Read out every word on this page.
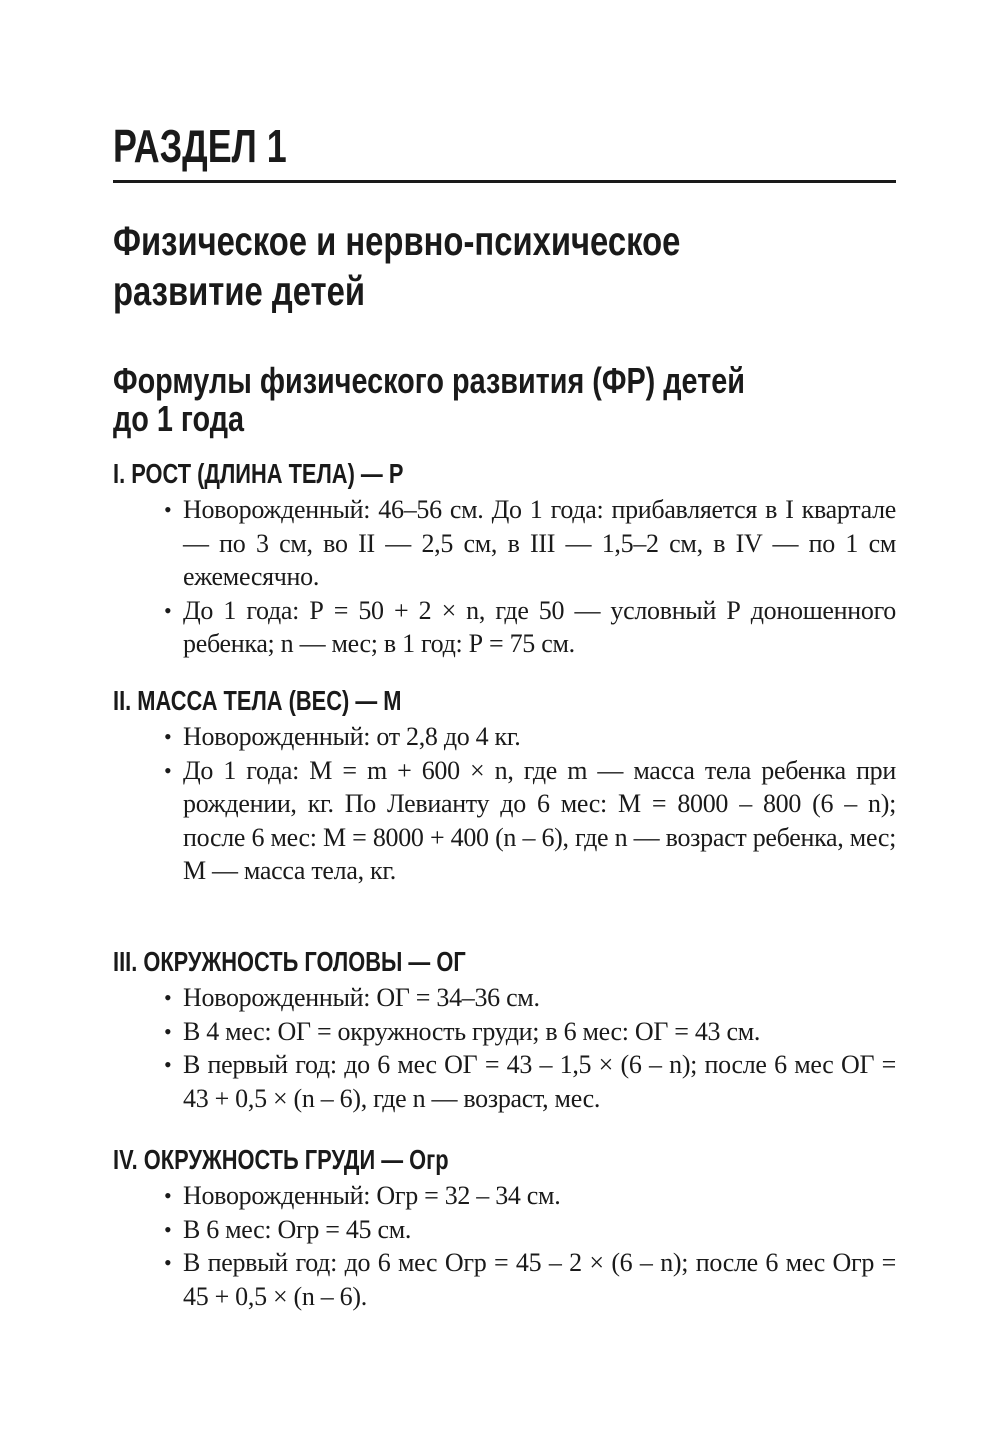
РАЗДЕЛ 1
Физическое и нервно-психическое
развитие детей
Формулы физического развития (ФР) детей
до 1 года
I. РОСТ (ДЛИНА ТЕЛА) — Р
• Новорожденный: 46–56 см. До 1 года: прибавляется в I квартале — по 3 см, во II — 2,5 см, в III — 1,5–2 см, в IV — по 1 см ежемесячно.
• До 1 года: Р = 50 + 2 × n, где 50 — условный Р доношенного ребенка; n — мес; в 1 год: Р = 75 см.
II. МАССА ТЕЛА (ВЕС) — М
• Новорожденный: от 2,8 до 4 кг.
• До 1 года: М = m + 600 × n, где m — масса тела ребенка при рождении, кг. По Левианту до 6 мес: М = 8000 – 800 (6 – n); после 6 мес: М = 8000 + 400 (n – 6), где n — возраст ребенка, мес; М — масса тела, кг.
III. ОКРУЖНОСТЬ ГОЛОВЫ — ОГ
• Новорожденный: ОГ = 34–36 см.
• В 4 мес: ОГ = окружность груди; в 6 мес: ОГ = 43 см.
• В первый год: до 6 мес ОГ = 43 – 1,5 × (6 – n); после 6 мес ОГ = 43 + 0,5 × (n – 6), где n — возраст, мес.
IV. ОКРУЖНОСТЬ ГРУДИ — Огр
• Новорожденный: Огр = 32 – 34 см.
• В 6 мес: Огр = 45 см.
• В первый год: до 6 мес Огр = 45 – 2 × (6 – n); после 6 мес Огр = 45 + 0,5 × (n – 6).
